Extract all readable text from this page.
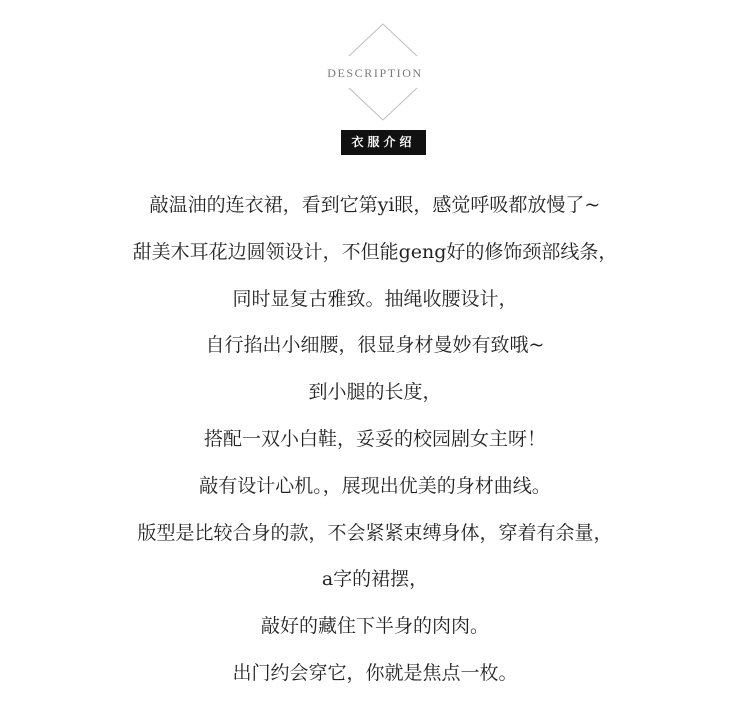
DESCRIPTION
衣服介绍
敲温油的连衣裙，看到它第yi眼，感觉呼吸都放慢了~
甜美木耳花边圆领设计，不但能geng好的修饰颈部线条，
同时显复古雅致。抽绳收腰设计，
自行掐出小细腰，很显身材曼妙有致哦~
到小腿的长度，
搭配一双小白鞋，妥妥的校园剧女主呀！
敲有设计心机。，展现出优美的身材曲线。
版型是比较合身的款，不会紧紧束缚身体，穿着有余量，
a字的裙摆，
敲好的藏住下半身的肉肉。
出门约会穿它，你就是焦点一枚。
